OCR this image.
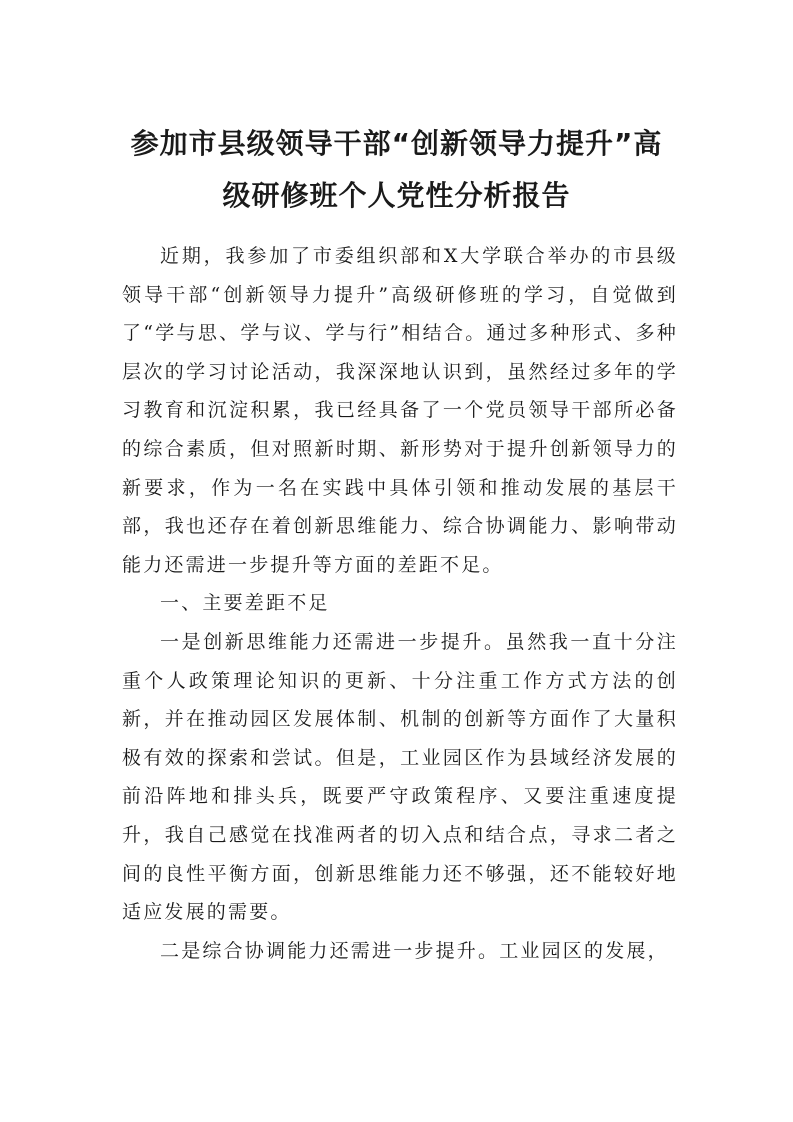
参加市县级领导干部“创新领导力提升”高
级研修班个人党性分析报告

近期，我参加了市委组织部和X大学联合举办的市县级领导干部“创新领导力提升”高级研修班的学习，自觉做到了“学与思、学与议、学与行”相结合。通过多种形式、多种层次的学习讨论活动，我深深地认识到，虽然经过多年的学习教育和沉淀积累，我已经具备了一个党员领导干部所必备的综合素质，但对照新时期、新形势对于提升创新领导力的新要求，作为一名在实践中具体引领和推动发展的基层干部，我也还存在着创新思维能力、综合协调能力、影响带动能力还需进一步提升等方面的差距不足。

一、主要差距不足

一是创新思维能力还需进一步提升。虽然我一直十分注重个人政策理论知识的更新、十分注重工作方式方法的创新，并在推动园区发展体制、机制的创新等方面作了大量积极有效的探索和尝试。但是，工业园区作为县域经济发展的前沿阵地和排头兵，既要严守政策程序、又要注重速度提升，我自己感觉在找准两者的切入点和结合点，寻求二者之间的良性平衡方面，创新思维能力还不够强，还不能较好地适应发展的需要。

二是综合协调能力还需进一步提升。工业园区的发展，
